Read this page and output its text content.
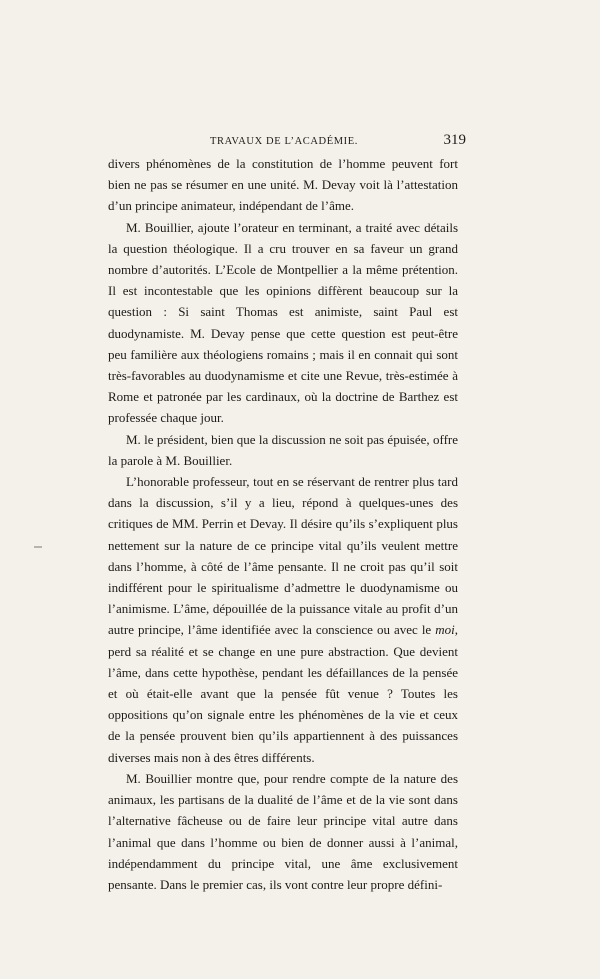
TRAVAUX DE L’ACADÉMIE.	319

divers phénomènes de la constitution de l’homme peuvent fort bien ne pas se résumer en une unité. M. Devay voit là l’attestation d’un principe animateur, indépendant de l’âme.

M. Bouillier, ajoute l’orateur en terminant, a traité avec détails la question théologique. Il a cru trouver en sa faveur un grand nombre d’autorités. L’Ecole de Montpellier a la même prétention. Il est incontestable que les opinions diffèrent beaucoup sur la question : Si saint Thomas est animiste, saint Paul est duodynamiste. M. Devay pense que cette question est peut-être peu familière aux théologiens romains ; mais il en connait qui sont très-favorables au duodynamisme et cite une Revue, très-estimée à Rome et patronée par les cardinaux, où la doctrine de Barthez est professée chaque jour.

M. le président, bien que la discussion ne soit pas épuisée, offre la parole à M. Bouillier.

L’honorable professeur, tout en se réservant de rentrer plus tard dans la discussion, s’il y a lieu, répond à quelques-unes des critiques de MM. Perrin et Devay. Il désire qu’ils s’expliquent plus nettement sur la nature de ce principe vital qu’ils veulent mettre dans l’homme, à côté de l’âme pensante. Il ne croit pas qu’il soit indifférent pour le spiritualisme d’admettre le duodynamisme ou l’animisme. L’âme, dépouillée de la puissance vitale au profit d’un autre principe, l’âme identifiée avec la conscience ou avec le moi, perd sa réalité et se change en une pure abstraction. Que devient l’âme, dans cette hypothèse, pendant les défaillances de la pensée et où était-elle avant que la pensée fût venue ? Toutes les oppositions qu’on signale entre les phénomènes de la vie et ceux de la pensée prouvent bien qu’ils appartiennent à des puissances diverses mais non à des êtres différents.

M. Bouillier montre que, pour rendre compte de la nature des animaux, les partisans de la dualité de l’âme et de la vie sont dans l’alternative fâcheuse ou de faire leur principe vital autre dans l’animal que dans l’homme ou bien de donner aussi à l’animal, indépendamment du principe vital, une âme exclusivement pensante. Dans le premier cas, ils vont contre leur propre défini-
